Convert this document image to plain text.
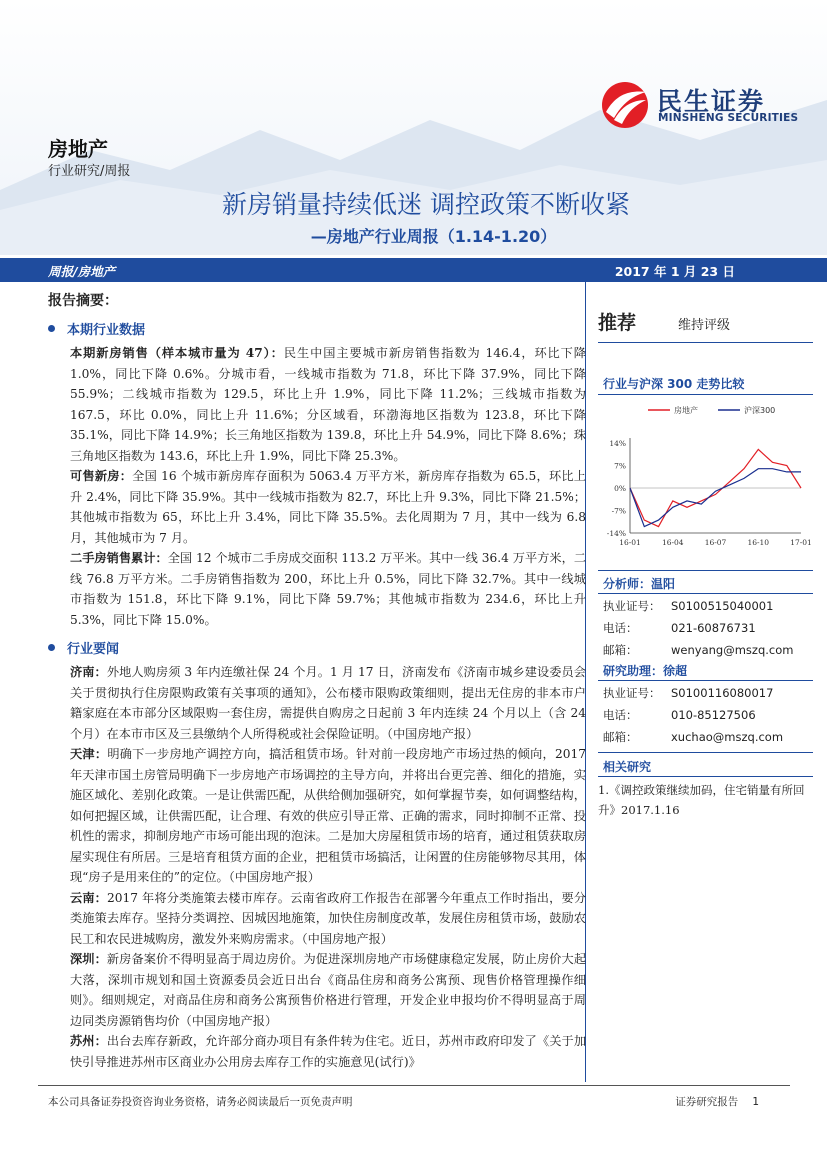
民生证券
MINSHENG SECURITIES
房地产
行业研究/周报
新房销量持续低迷 调控政策不断收紧
—房地产行业周报（1.14-1.20）
周报/房地产	2017 年 1 月 23 日
报告摘要：
本期行业数据

本期新房销售（样本城市量为 47）：民生中国主要城市新房销售指数为 146.4，环比下降 1.0%，同比下降 0.6%。分城市看，一线城市指数为 71.8，环比下降 37.9%，同比下降 55.9%；二线城市指数为 129.5，环比上升 1.9%，同比下降 11.2%；三线城市指数为 167.5，环比 0.0%，同比上升 11.6%；分区域看，环渤海地区指数为 123.8，环比下降 35.1%，同比下降 14.9%；长三角地区指数为 139.8，环比上升 54.9%，同比下降 8.6%；珠三角地区指数为 143.6，环比上升 1.9%，同比下降 25.3%。

可售新房：全国 16 个城市新房库存面积为 5063.4 万平方米，新房库存指数为 65.5，环比上升 2.4%，同比下降 35.9%。其中一线城市指数为 82.7，环比上升 9.3%，同比下降 21.5%；其他城市指数为 65，环比上升 3.4%，同比下降 35.5%。去化周期为 7 月，其中一线为 6.8 月，其他城市为 7 月。

二手房销售累计：全国 12 个城市二手房成交面积 113.2 万平米。其中一线 36.4 万平方米，二线 76.8 万平方米。二手房销售指数为 200，环比上升 0.5%，同比下降 32.7%。其中一线城市指数为 151.8，环比下降 9.1%，同比下降 59.7%；其他城市指数为 234.6，环比上升 5.3%，同比下降 15.0%。

行业要闻

济南：外地人购房须 3 年内连缴社保 24 个月。1 月 17 日，济南发布《济南市城乡建设委员会关于贯彻执行住房限购政策有关事项的通知》，公布楼市限购政策细则，提出无住房的非本市户籍家庭在本市部分区域限购一套住房，需提供自购房之日起前 3 年内连续 24 个月以上（含 24 个月）在本市市区及三县缴纳个人所得税或社会保险证明。（中国房地产报）

天津：明确下一步房地产调控方向，搞活租赁市场。针对前一段房地产市场过热的倾向，2017 年天津市国土房管局明确下一步房地产市场调控的主导方向，并将出台更完善、细化的措施，实施区域化、差别化政策。一是让供需匹配，从供给侧加强研究，如何掌握节奏，如何调整结构，如何把握区域，让供需匹配，让合理、有效的供应引导正常、正确的需求，同时抑制不正常、投机性的需求，抑制房地产市场可能出现的泡沫。二是加大房屋租赁市场的培育，通过租赁获取房屋实现住有所居。三是培育租赁方面的企业，把租赁市场搞活，让闲置的住房能够物尽其用，体现“房子是用来住的”的定位。（中国房地产报）

云南：2017 年将分类施策去楼市库存。云南省政府工作报告在部署今年重点工作时指出，要分类施策去库存。坚持分类调控、因城因地施策，加快住房制度改革，发展住房租赁市场，鼓励农民工和农民进城购房，激发外来购房需求。（中国房地产报）

深圳：新房备案价不得明显高于周边房价。为促进深圳房地产市场健康稳定发展，防止房价大起大落，深圳市规划和国土资源委员会近日出台《商品住房和商务公寓预、现售价格管理操作细则》。细则规定，对商品住房和商务公寓预售价格进行管理，开发企业申报均价不得明显高于周边同类房源销售均价（中国房地产报）

苏州：出台去库存新政，允许部分商办项目有条件转为住宅。近日，苏州市政府印发了《关于加快引导推进苏州市区商业办公用房去库存工作的实施意见(试行)》

推荐	维持评级
行业与沪深 300 走势比较
房地产	沪深300
14%
7%
0%
-7%
-14%
16-01	16-04	16-07	16-10	17-01
分析师：温阳
执业证号： S0100515040001
电话：	021-60876731
邮箱：	wenyang@mszq.com
研究助理：徐超
执业证号： S0100116080017
电话：	010-85127506
邮箱：	xuchao@mszq.com
相关研究
1.《调控政策继续加码，住宅销量有所回升》2017.1.16
本公司具备证券投资咨询业务资格，请务必阅读最后一页免责声明	证券研究报告 1
